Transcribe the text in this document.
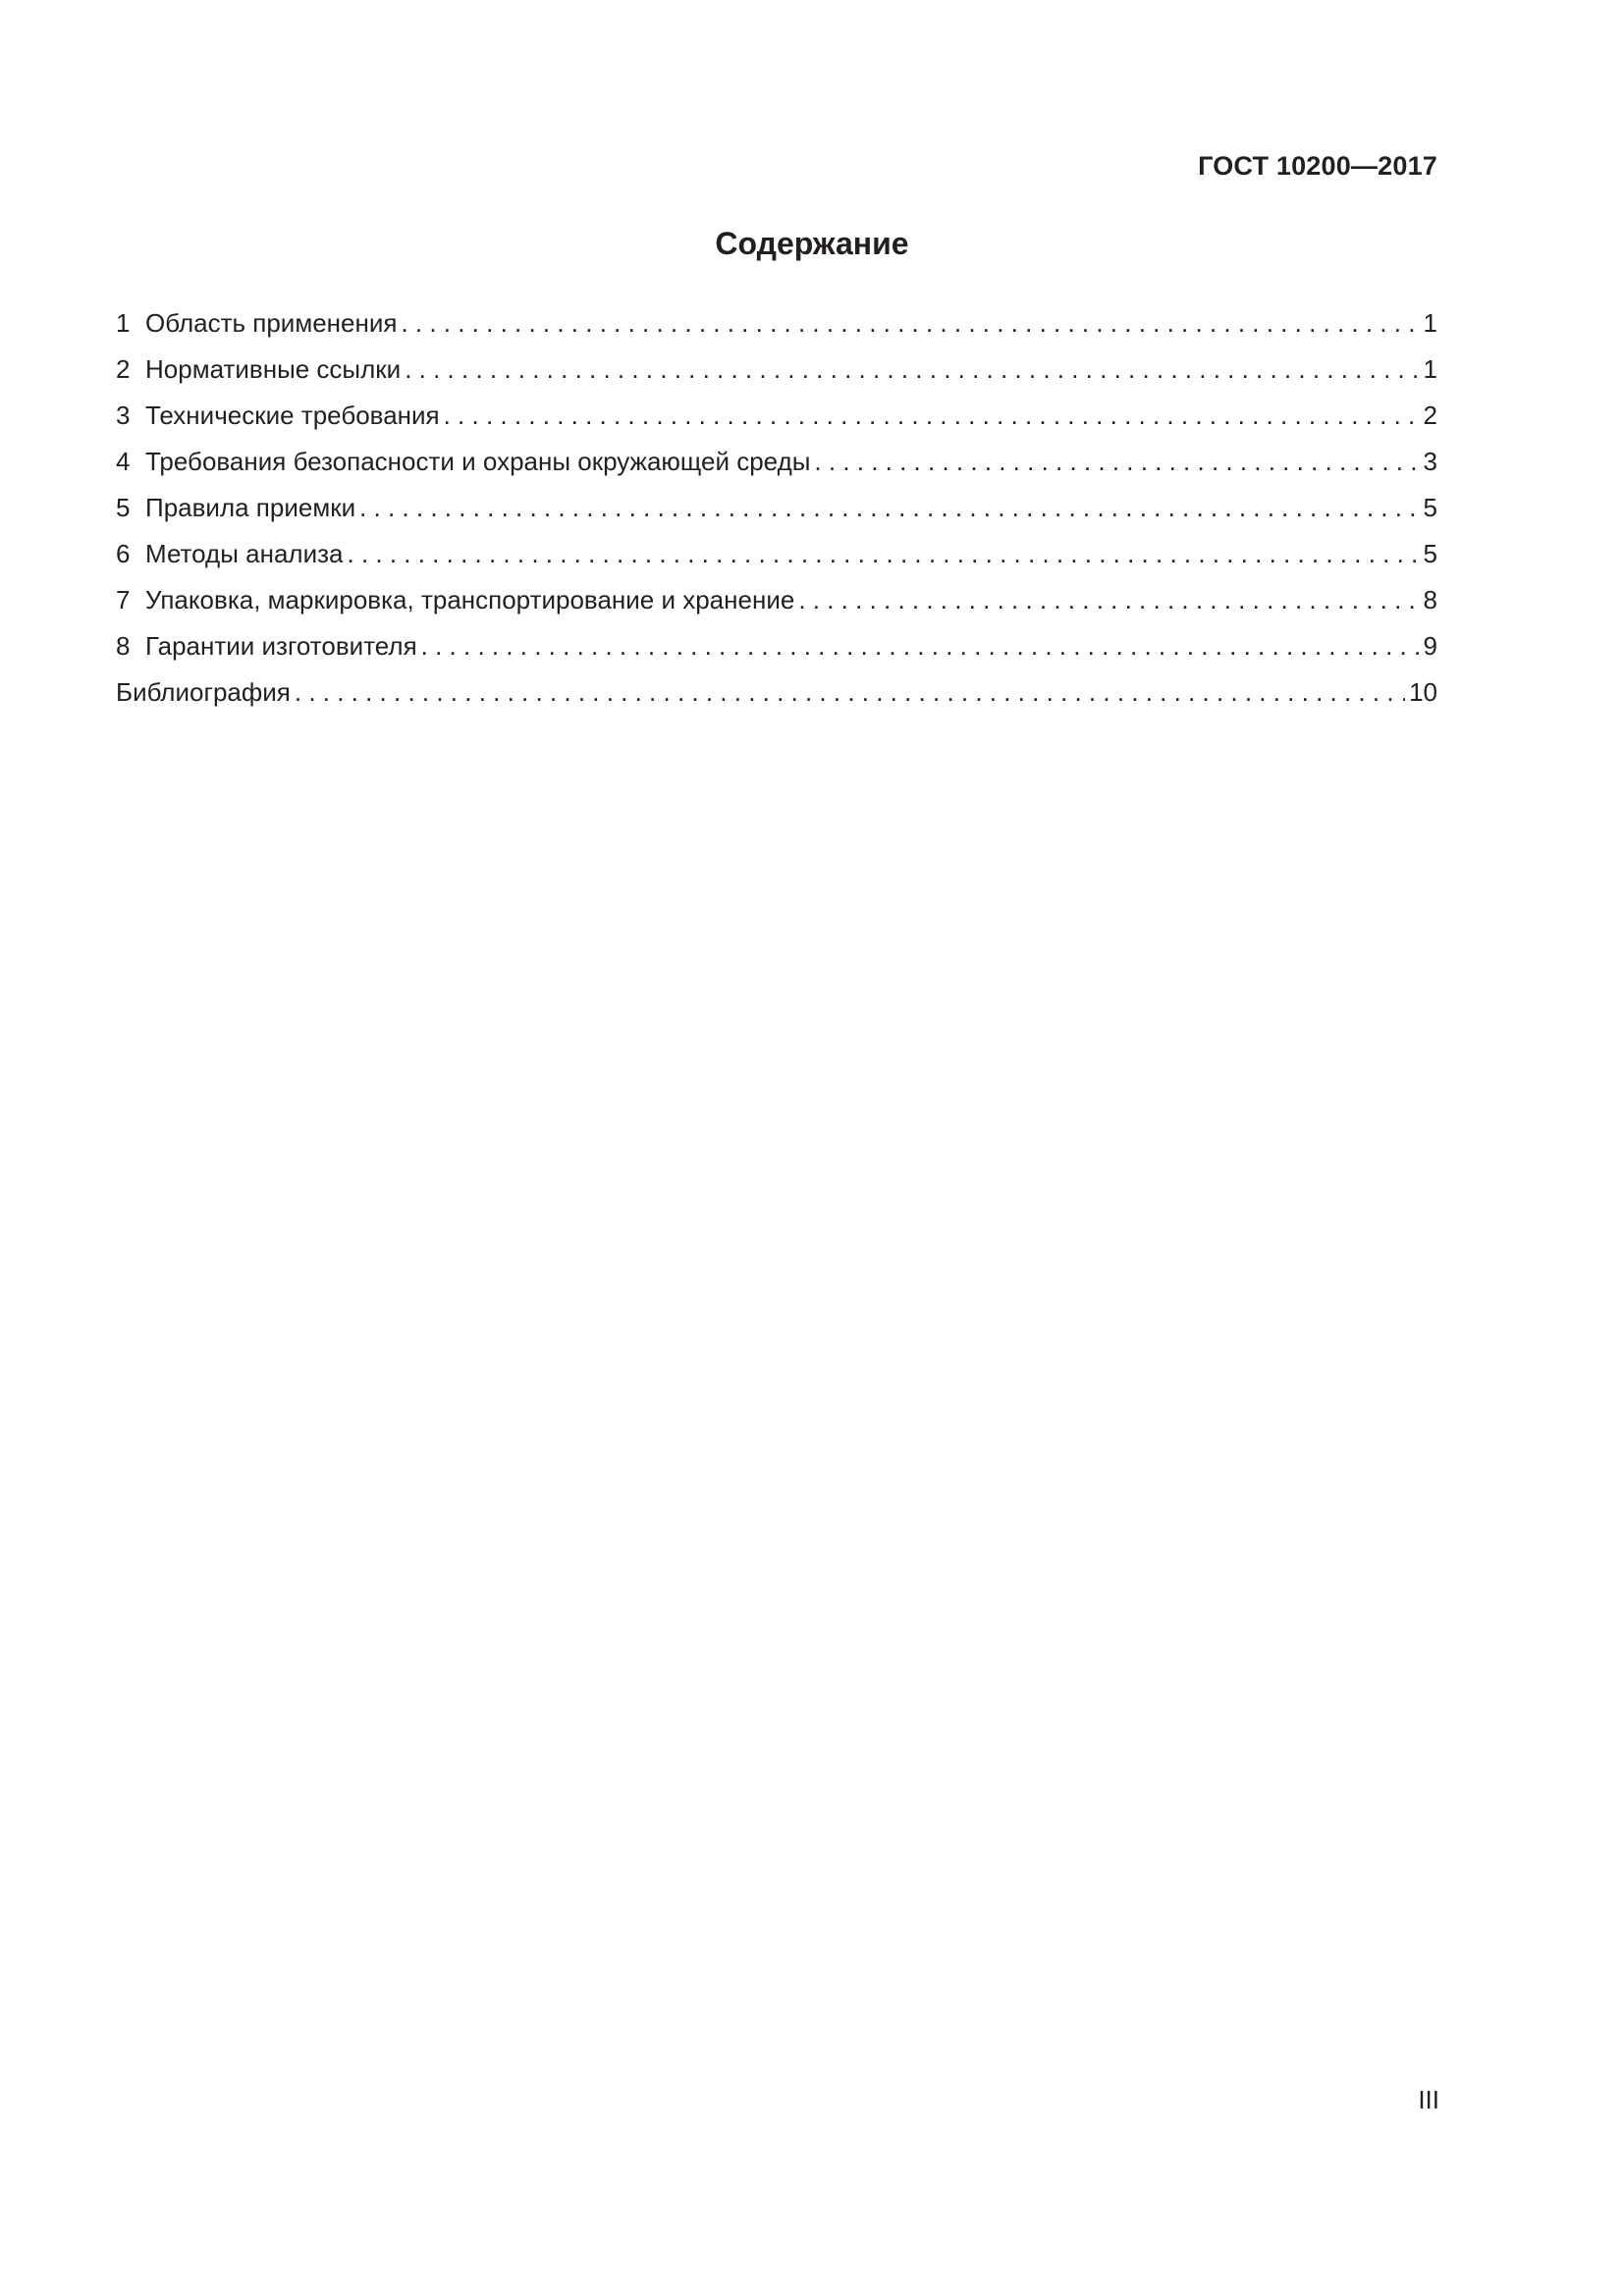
ГОСТ 10200—2017
Содержание
1 Область применения . . .	1
2 Нормативные ссылки . . .	1
3 Технические требования . . .	2
4 Требования безопасности и охраны окружающей среды . . .	3
5 Правила приемки . . .	5
6 Методы анализа . . .	5
7 Упаковка, маркировка, транспортирование и хранение . . .	8
8 Гарантии изготовителя . . .	9
Библиография . . .	10
III
